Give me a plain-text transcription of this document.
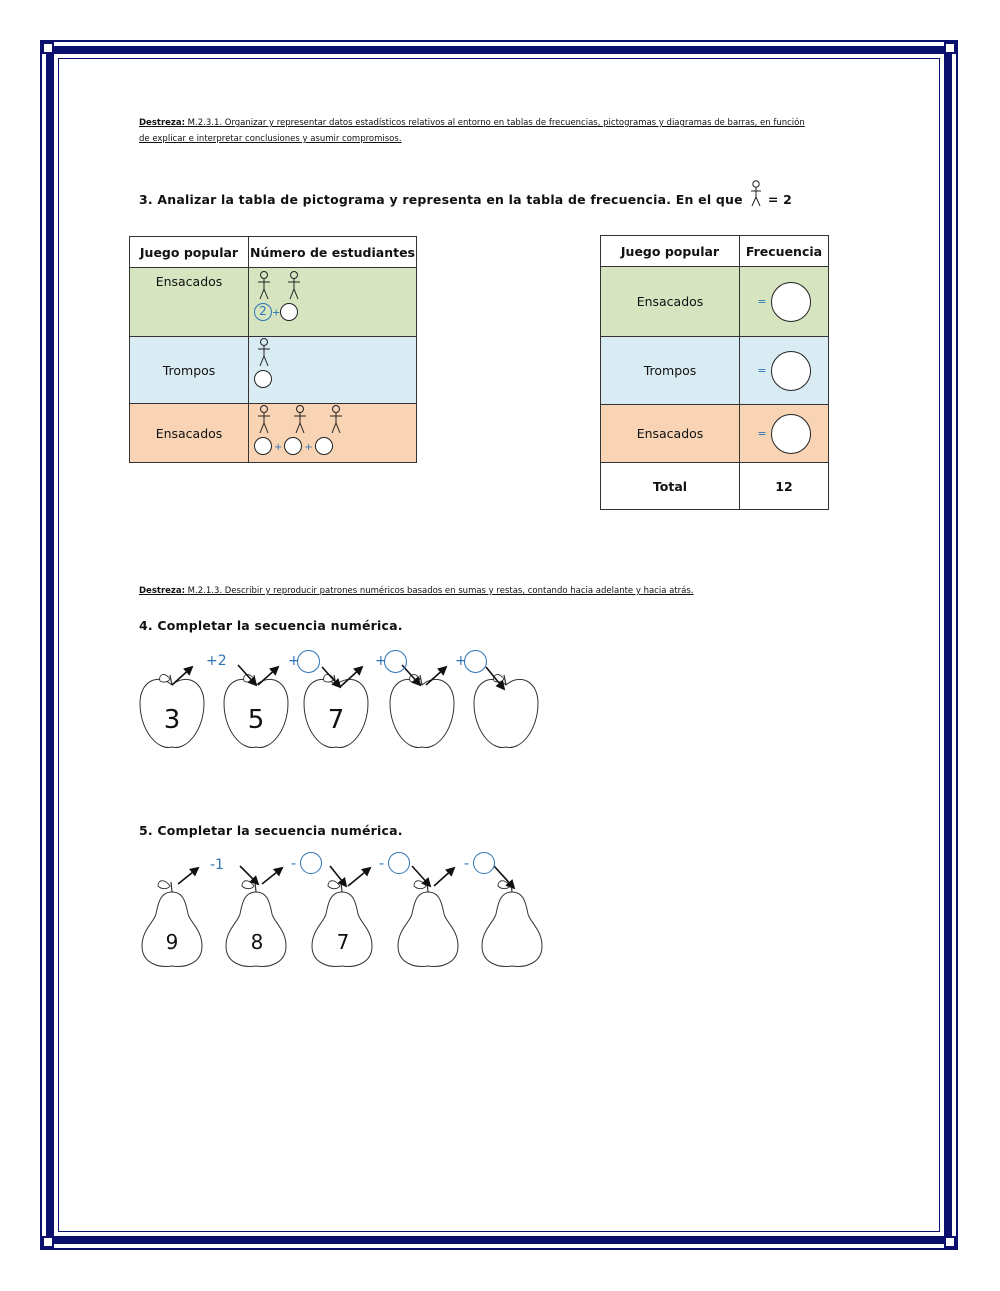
Destreza: M.2.3.1. Organizar y representar datos estadísticos relativos al entorno en tablas de frecuencias, pictogramas y diagramas de barras, en función
de explicar e interpretar conclusiones y asumir compromisos.
3. Analizar la tabla de pictograma y representa en la tabla de frecuencia. En el que = 2
Juego popular	Número de estudiantes
Ensacados	2 +
Trompos	

Ensacados	+ +
Juego popular	Frecuencia
Ensacados	=
Trompos	=
Ensacados	=
Total	12
Destreza: M.2.1.3. Describir y reproducir patrones numéricos basados en sumas y restas, contando hacia adelante y hacia atrás.
4. Completar la secuencia numérica.
+2	+	+	+
3	5	7
5. Completar la secuencia numérica.
-1	-	-	-
9	8	7
